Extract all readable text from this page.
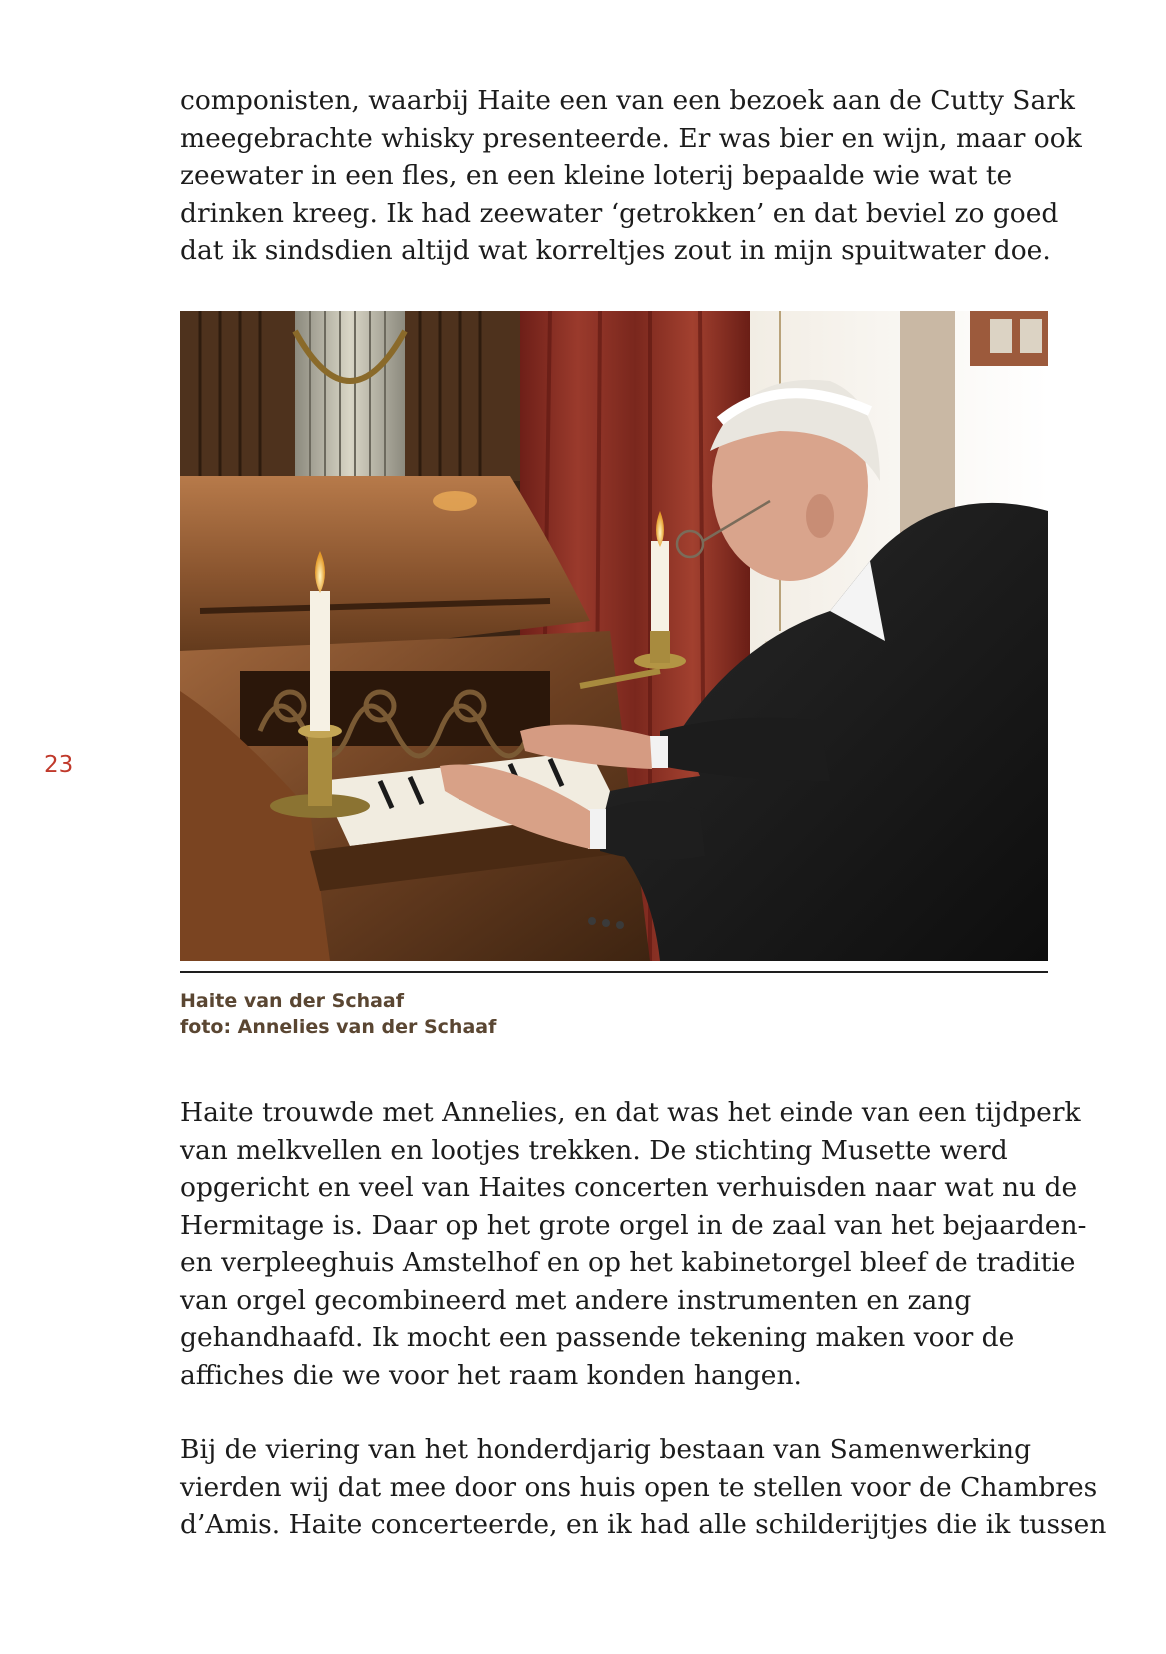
componisten, waarbij Haite een van een bezoek aan de Cutty Sark
meegebrachte whisky presenteerde. Er was bier en wijn, maar ook
zeewater in een fles, en een kleine loterij bepaalde wie wat te
drinken kreeg. Ik had zeewater ‘getrokken’ en dat beviel zo goed
dat ik sindsdien altijd wat korreltjes zout in mijn spuitwater doe.

Haite van der Schaaf
foto: Annelies van der Schaaf
23

Haite trouwde met Annelies, en dat was het einde van een tijdperk
van melkvellen en lootjes trekken. De stichting Musette werd
opgericht en veel van Haites concerten verhuisden naar wat nu de
Hermitage is. Daar op het grote orgel in de zaal van het bejaarden-
en verpleeghuis Amstelhof en op het kabinetorgel bleef de traditie
van orgel gecombineerd met andere instrumenten en zang
gehandhaafd. Ik mocht een passende tekening maken voor de
affiches die we voor het raam konden hangen.

Bij de viering van het honderdjarig bestaan van Samenwerking
vierden wij dat mee door ons huis open te stellen voor de Chambres
d’Amis. Haite concerteerde, en ik had alle schilderijtjes die ik tussen
